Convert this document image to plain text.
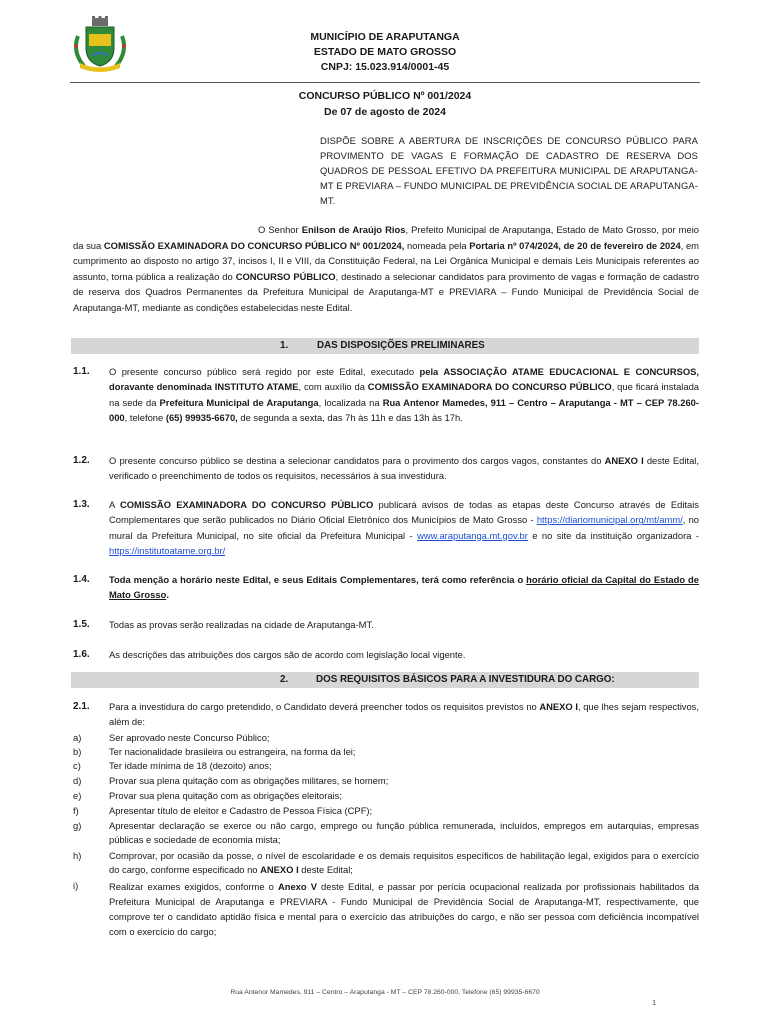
MUNICÍPIO DE ARAPUTANGA
ESTADO DE MATO GROSSO
CNPJ: 15.023.914/0001-45
CONCURSO PÚBLICO Nº 001/2024
De 07 de agosto de 2024
DISPÕE SOBRE A ABERTURA DE INSCRIÇÕES DE CONCURSO PÚBLICO PARA PROVIMENTO DE VAGAS E FORMAÇÃO DE CADASTRO DE RESERVA DOS QUADROS DE PESSOAL EFETIVO DA PREFEITURA MUNICIPAL DE ARAPUTANGA-MT E PREVIARA – FUNDO MUNICIPAL DE PREVIDÊNCIA SOCIAL DE ARAPUTANGA-MT.
O Senhor Enilson de Araújo Rios, Prefeito Municipal de Araputanga, Estado de Mato Grosso, por meio da sua COMISSÃO EXAMINADORA DO CONCURSO PÚBLICO Nº 001/2024, nomeada pela Portaria nº 074/2024, de 20 de fevereiro de 2024, em cumprimento ao disposto no artigo 37, incisos I, II e VIII, da Constituição Federal, na Lei Orgânica Municipal e demais Leis Municipais referentes ao assunto, torna pública a realização do CONCURSO PÚBLICO, destinado a selecionar candidatos para provimento de vagas e formação de cadastro de reserva dos Quadros Permanentes da Prefeitura Municipal de Araputanga-MT e PREVIARA – Fundo Municipal de Previdência Social de Araputanga-MT, mediante as condições estabelecidas neste Edital.
1.	DAS DISPOSIÇÕES PRELIMINARES
1.1. O presente concurso público será regido por este Edital, executado pela ASSOCIAÇÃO ATAME EDUCACIONAL E CONCURSOS, doravante denominada INSTITUTO ATAME, com auxílio da COMISSÃO EXAMINADORA DO CONCURSO PÚBLICO, que ficará instalada na sede da Prefeitura Municipal de Araputanga, localizada na Rua Antenor Mamedes, 911 – Centro – Araputanga - MT – CEP 78.260-000, telefone (65) 99935-6670, de segunda a sexta, das 7h às 11h e das 13h às 17h.
1.2. O presente concurso público se destina a selecionar candidatos para o provimento dos cargos vagos, constantes do ANEXO I deste Edital, verificado o preenchimento de todos os requisitos, necessários à sua investidura.
1.3. A COMISSÃO EXAMINADORA DO CONCURSO PÚBLICO publicará avisos de todas as etapas deste Concurso através de Editais Complementares que serão publicados no Diário Oficial Eletrônico dos Municípios de Mato Grosso - https://diariomunicipal.org/mt/amm/, no mural da Prefeitura Municipal, no site oficial da Prefeitura Municipal - www.araputanga.mt.gov.br e no site da instituição organizadora - https://institutoatame.org.br/
1.4. Toda menção a horário neste Edital, e seus Editais Complementares, terá como referência o horário oficial da Capital do Estado de Mato Grosso.
1.5. Todas as provas serão realizadas na cidade de Araputanga-MT.
1.6. As descrições das atribuições dos cargos são de acordo com legislação local vigente.
2.	DOS REQUISITOS BÁSICOS PARA A INVESTIDURA DO CARGO:
2.1. Para a investidura do cargo pretendido, o Candidato deverá preencher todos os requisitos previstos no ANEXO I, que lhes sejam respectivos, além de:
a)	Ser aprovado neste Concurso Público;
b)	Ter nacionalidade brasileira ou estrangeira, na forma da lei;
c)	Ter idade mínima de 18 (dezoito) anos;
d)	Provar sua plena quitação com as obrigações militares, se homem;
e)	Provar sua plena quitação com as obrigações eleitorais;
f)	Apresentar título de eleitor e Cadastro de Pessoa Física (CPF);
g)	Apresentar declaração se exerce ou não cargo, emprego ou função pública remunerada, incluídos, empregos em autarquias, empresas públicas e sociedade de economia mista;
h)	Comprovar, por ocasião da posse, o nível de escolaridade e os demais requisitos específicos de habilitação legal, exigidos para o exercício do cargo, conforme especificado no ANEXO I deste Edital;
i)	Realizar exames exigidos, conforme o Anexo V deste Edital, e passar por perícia ocupacional realizada por profissionais habilitados da Prefeitura Municipal de Araputanga e PREVIARA - Fundo Municipal de Previdência Social de Araputanga-MT, respectivamente, que comprove ter o candidato aptidão física e mental para o exercício das atribuições do cargo, e não ser pessoa com deficiência incompatível com o exercício do cargo;
Rua Antenor Mamedes, 911 – Centro – Araputanga - MT – CEP 78.260-000, Telefone (65) 99935-6670
1
